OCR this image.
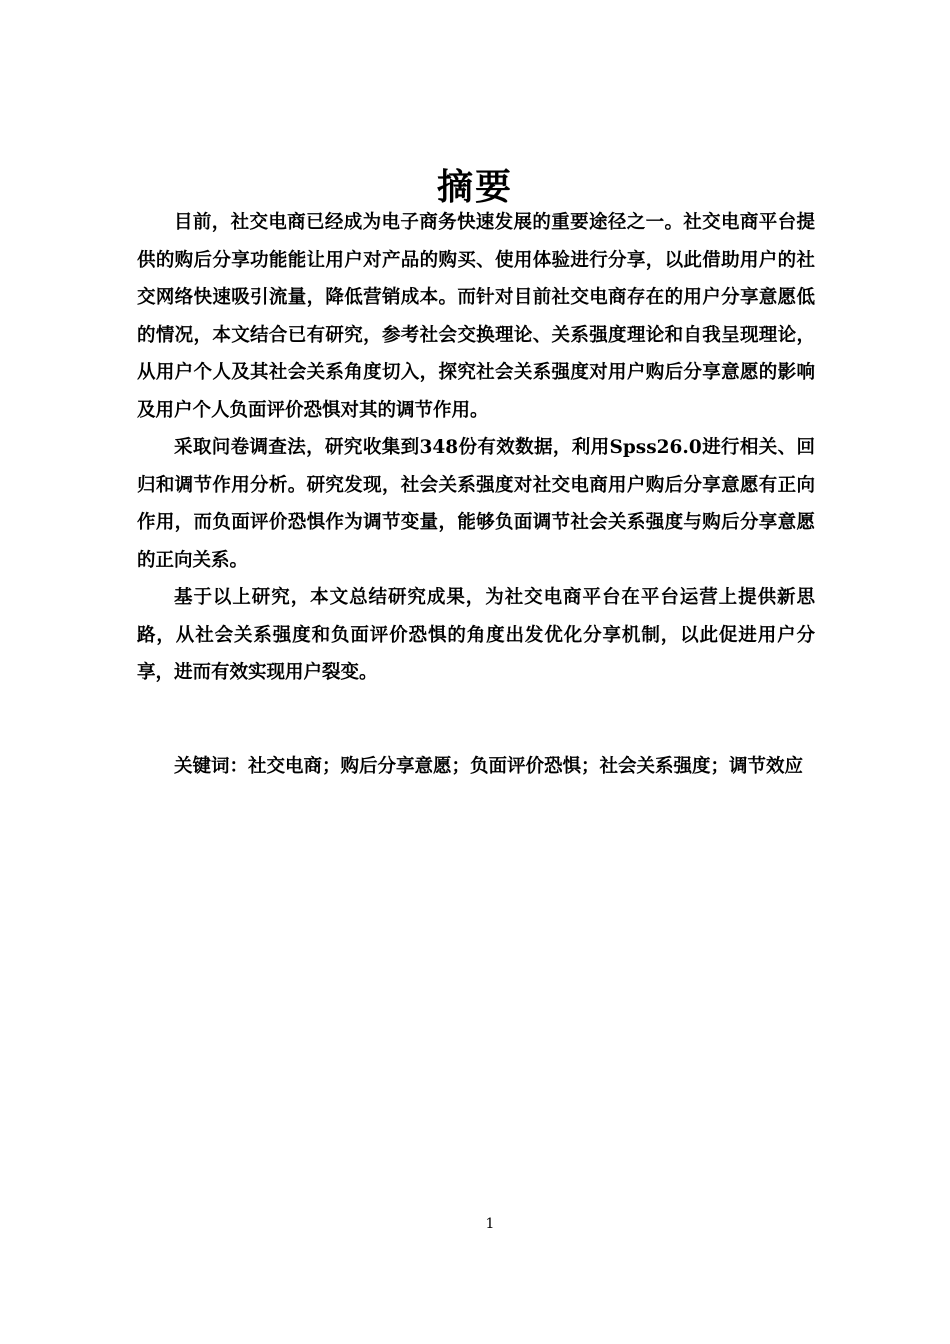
摘要

目前，社交电商已经成为电子商务快速发展的重要途径之一。社交电商平台提供的购后分享功能能让用户对产品的购买、使用体验进行分享，以此借助用户的社交网络快速吸引流量，降低营销成本。而针对目前社交电商存在的用户分享意愿低的情况，本文结合已有研究，参考社会交换理论、关系强度理论和自我呈现理论，从用户个人及其社会关系角度切入，探究社会关系强度对用户购后分享意愿的影响及用户个人负面评价恐惧对其的调节作用。

采取问卷调查法，研究收集到348份有效数据，利用Spss26.0进行相关、回归和调节作用分析。研究发现，社会关系强度对社交电商用户购后分享意愿有正向作用，而负面评价恐惧作为调节变量，能够负面调节社会关系强度与购后分享意愿的正向关系。

基于以上研究，本文总结研究成果，为社交电商平台在平台运营上提供新思路，从社会关系强度和负面评价恐惧的角度出发优化分享机制，以此促进用户分享，进而有效实现用户裂变。

关键词：社交电商；购后分享意愿；负面评价恐惧；社会关系强度；调节效应

1
